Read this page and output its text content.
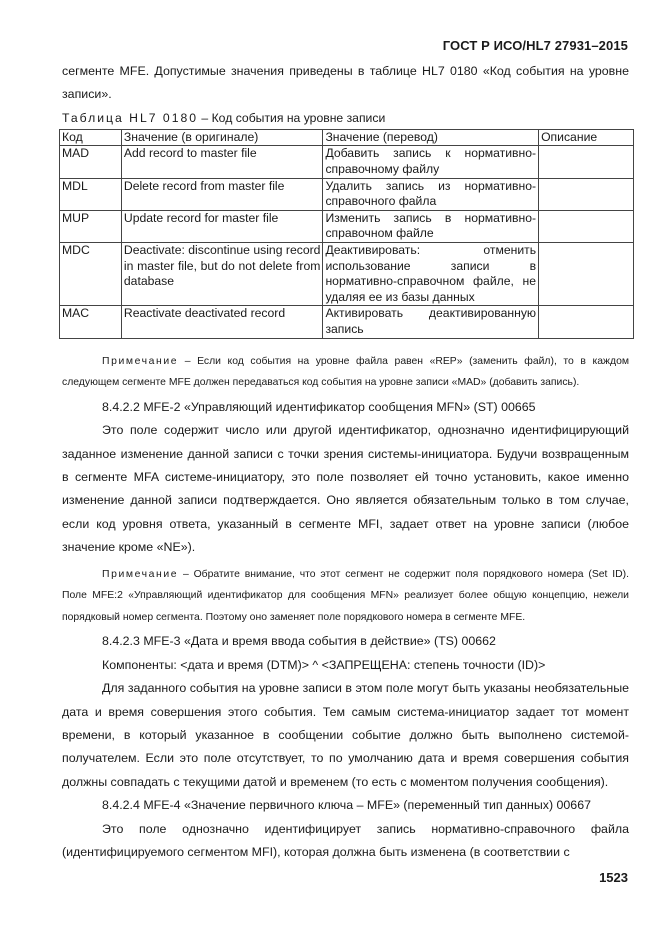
ГОСТ Р ИСО/HL7 27931–2015

сегменте MFE. Допустимые значения приведены в таблице HL7 0180 «Код события на уровне записи».

Таблица HL7 0180 – Код события на уровне записи

Код	Значение (в оригинале)	Значение (перевод)	Описание
MAD	Add record to master file	Добавить запись к нормативно-справочному файлу	
MDL	Delete record from master file	Удалить запись из нормативно-справочного файла	
MUP	Update record for master file	Изменить запись в нормативно-справочном файле	
MDC	Deactivate: discontinue using record in master file, but do not delete from database	Деактивировать: отменить использование записи в нормативно-справочном файле, не удаляя ее из базы данных	
MAC	Reactivate deactivated record	Активировать деактивированную запись	

Примечание – Если код события на уровне файла равен «REP» (заменить файл), то в каждом следующем сегменте MFE должен передаваться код события на уровне записи «MAD» (добавить запись).

8.4.2.2 MFE-2 «Управляющий идентификатор сообщения MFN» (ST) 00665

Это поле содержит число или другой идентификатор, однозначно идентифицирующий заданное изменение данной записи с точки зрения системы-инициатора. Будучи возвращенным в сегменте MFA системе-инициатору, это поле позволяет ей точно установить, какое именно изменение данной записи подтверждается. Оно является обязательным только в том случае, если код уровня ответа, указанный в сегменте MFI, задает ответ на уровне записи (любое значение кроме «NE»).

Примечание – Обратите внимание, что этот сегмент не содержит поля порядкового номера (Set ID). Поле MFE:2 «Управляющий идентификатор для сообщения MFN» реализует более общую концепцию, нежели порядковый номер сегмента. Поэтому оно заменяет поле порядкового номера в сегменте MFE.

8.4.2.3 MFE-3 «Дата и время ввода события в действие» (TS) 00662

Компоненты: <дата и время (DTM)> ^ <ЗАПРЕЩЕНА: степень точности (ID)>

Для заданного события на уровне записи в этом поле могут быть указаны необязательные дата и время совершения этого события. Тем самым система-инициатор задает тот момент времени, в который указанное в сообщении событие должно быть выполнено системой-получателем. Если это поле отсутствует, то по умолчанию дата и время совершения события должны совпадать с текущими датой и временем (то есть с моментом получения сообщения).

8.4.2.4 MFE-4 «Значение первичного ключа – MFE» (переменный тип данных) 00667

Это поле однозначно идентифицирует запись нормативно-справочного файла (идентифицируемого сегментом MFI), которая должна быть изменена (в соответствии с

1523
